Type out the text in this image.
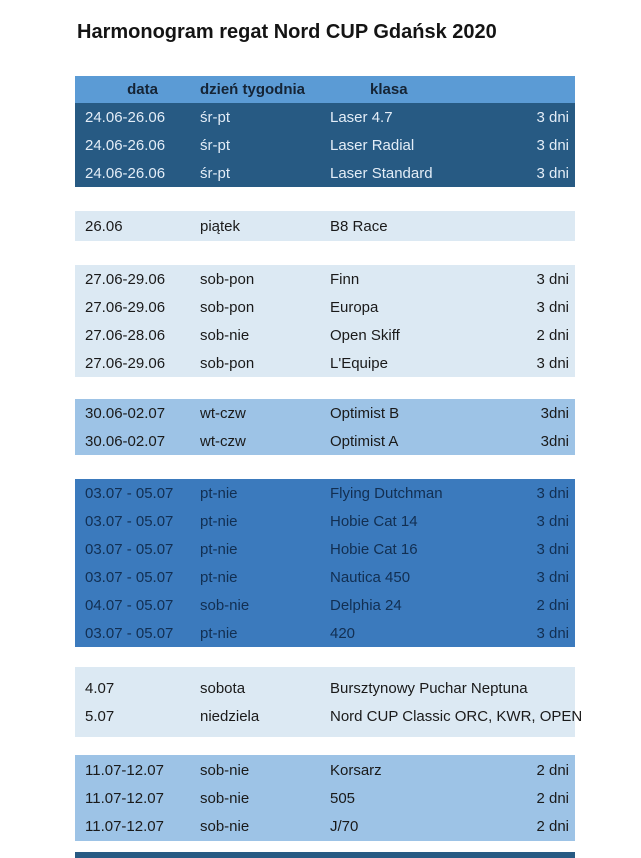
Harmonogram regat Nord CUP Gdańsk 2020
data	dzień tygodnia	klasa
24.06-26.06	śr-pt	Laser 4.7	3 dni
24.06-26.06	śr-pt	Laser Radial	3 dni
24.06-26.06	śr-pt	Laser Standard	3 dni
26.06	piątek	B8 Race
27.06-29.06	sob-pon	Finn	3 dni
27.06-29.06	sob-pon	Europa	3 dni
27.06-28.06	sob-nie	Open Skiff	2 dni
27.06-29.06	sob-pon	L'Equipe	3 dni
30.06-02.07	wt-czw	Optimist B	3dni
30.06-02.07	wt-czw	Optimist A	3dni
03.07 - 05.07	pt-nie	Flying Dutchman	3 dni
03.07 - 05.07	pt-nie	Hobie Cat 14	3 dni
03.07 - 05.07	pt-nie	Hobie Cat 16	3 dni
03.07 - 05.07	pt-nie	Nautica 450	3 dni
04.07 - 05.07	sob-nie	Delphia 24	2 dni
03.07 - 05.07	pt-nie	420	3 dni
4.07	sobota	Bursztynowy Puchar Neptuna
5.07	niedziela	Nord CUP Classic ORC, KWR, OPEN
11.07-12.07	sob-nie	Korsarz	2 dni
11.07-12.07	sob-nie	505	2 dni
11.07-12.07	sob-nie	J/70	2 dni
